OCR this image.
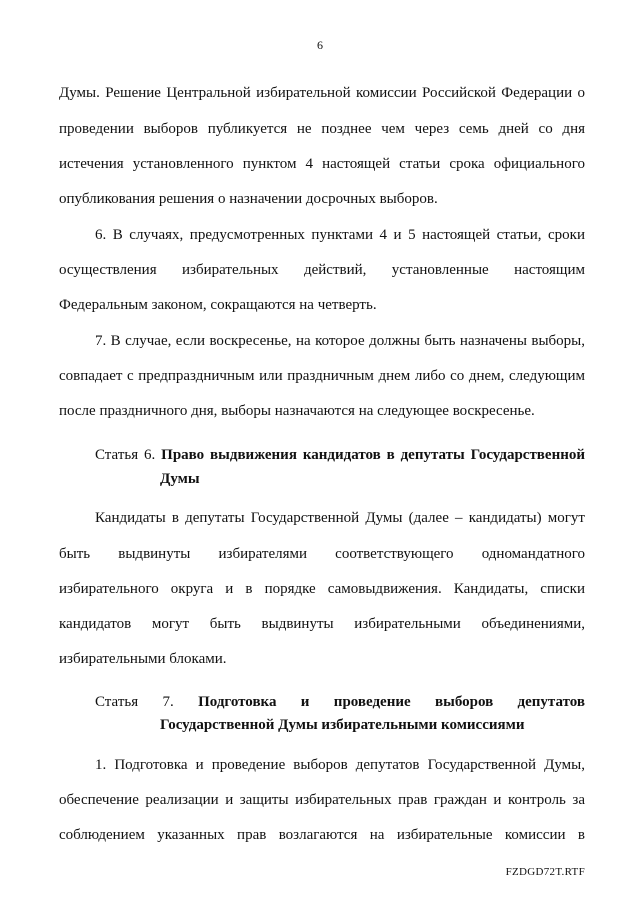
6
Думы. Решение Центральной избирательной комиссии Российской Федерации о
проведении выборов публикуется не позднее чем через семь дней со дня
истечения установленного пунктом 4 настоящей статьи срока официального
опубликования решения о назначении досрочных выборов.
6. В случаях, предусмотренных пунктами 4 и 5 настоящей статьи, сроки
осуществления избирательных действий, установленные настоящим
Федеральным законом, сокращаются на четверть.
7. В случае, если воскресенье, на которое должны быть назначены выборы,
совпадает с предпраздничным или праздничным днем либо со днем, следующим
после праздничного дня, выборы назначаются на следующее воскресенье.
Статья 6. Право выдвижения кандидатов в депутаты Государственной
Думы
Кандидаты в депутаты Государственной Думы (далее – кандидаты) могут
быть выдвинуты избирателями соответствующего одномандатного
избирательного округа и в порядке самовыдвижения. Кандидаты, списки
кандидатов могут быть выдвинуты избирательными объединениями,
избирательными блоками.
Статья 7. Подготовка и проведение выборов депутатов
Государственной Думы избирательными комиссиями
1. Подготовка и проведение выборов депутатов Государственной Думы,
обеспечение реализации и защиты избирательных прав граждан и контроль за
соблюдением указанных прав возлагаются на избирательные комиссии в
FZDGD72T.RTF
